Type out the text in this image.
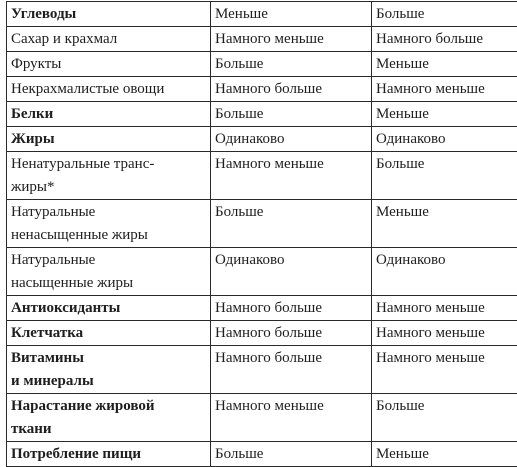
Углеводы	Меньше	Больше

Сахар и крахмал	Намного меньше	Намного больше

Фрукты	Больше	Меньше

Некрахмалистые овощи	Намного больше	Намного меньше

Белки	Больше	Меньше

Жиры	Одинаково	Одинаково

Ненатуральные транс-
жиры*	Намного меньше	Больше

Натуральные
ненасыщенные жиры	Больше	Меньше

Натуральные
насыщенные жиры	Одинаково	Одинаково

Антиоксиданты	Намного больше	Намного меньше

Клетчатка	Намного больше	Намного меньше

Витамины
и минералы	Намного больше	Намного меньше

Нарастание жировой
ткани	Намного меньше	Больше

Потребление пищи	Больше	Меньше
